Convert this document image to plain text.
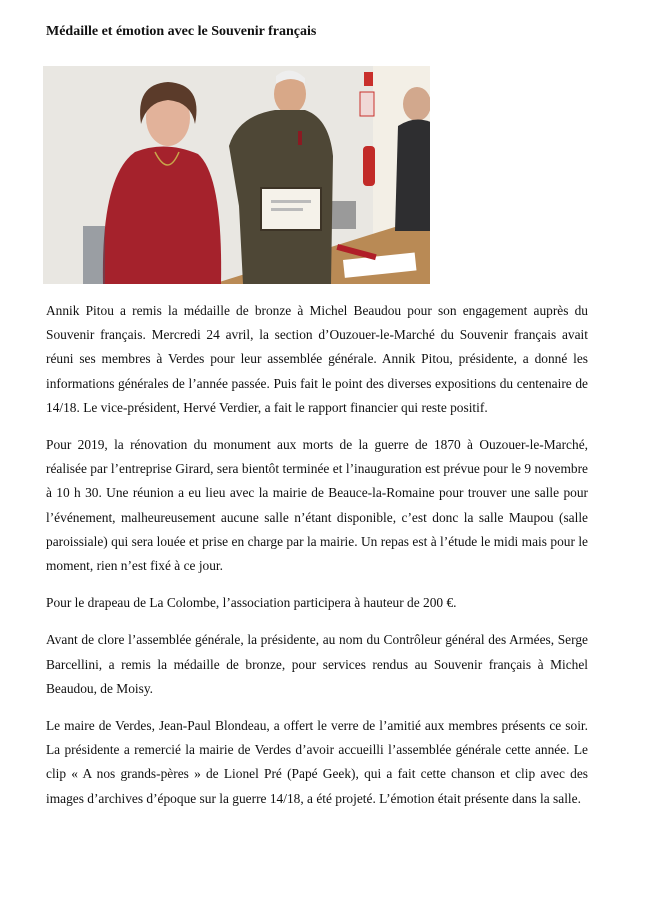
Médaille et émotion avec le Souvenir français

Annik Pitou a remis la médaille de bronze à Michel Beaudou pour son engagement auprès du Souvenir français. Mercredi 24 avril, la section d’Ouzouer-le-Marché du Souvenir français avait réuni ses membres à Verdes pour leur assemblée générale. Annik Pitou, présidente, a donné les informations générales de l’année passée. Puis fait le point des diverses expositions du centenaire de 14/18. Le vice-président, Hervé Verdier, a fait le rapport financier qui reste positif.

Pour 2019, la rénovation du monument aux morts de la guerre de 1870 à Ouzouer-le-Marché, réalisée par l’entreprise Girard, sera bientôt terminée et l’inauguration est prévue pour le 9 novembre à 10 h 30. Une réunion a eu lieu avec la mairie de Beauce-la-Romaine pour trouver une salle pour l’événement, malheureusement aucune salle n’étant disponible, c’est donc la salle Maupou (salle paroissiale) qui sera louée et prise en charge par la mairie. Un repas est à l’étude le midi mais pour le moment, rien n’est fixé à ce jour.

Pour le drapeau de La Colombe, l’association participera à hauteur de 200 €.

Avant de clore l’assemblée générale, la présidente, au nom du Contrôleur général des Armées, Serge Barcellini, a remis la médaille de bronze, pour services rendus au Souvenir français à Michel Beaudou, de Moisy.

Le maire de Verdes, Jean-Paul Blondeau, a offert le verre de l’amitié aux membres présents ce soir. La présidente a remercié la mairie de Verdes d’avoir accueilli l’assemblée générale cette année. Le clip « A nos grands-pères » de Lionel Pré (Papé Geek), qui a fait cette chanson et clip avec des images d’archives d’époque sur la guerre 14/18, a été projeté. L’émotion était présente dans la salle.
